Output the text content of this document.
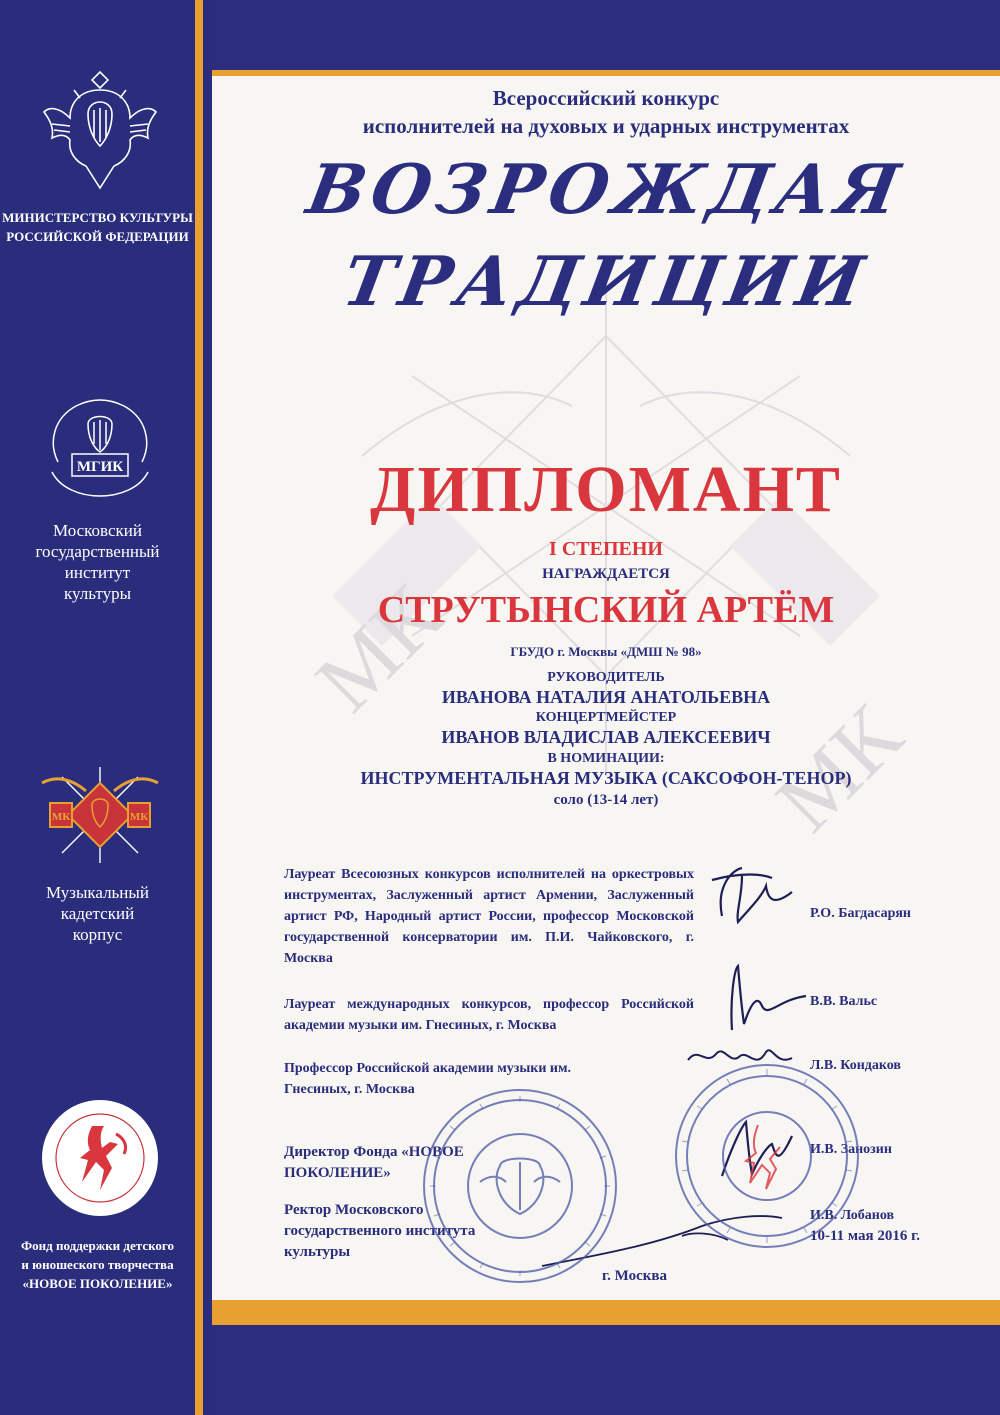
МИНИСТЕРСТВО КУЛЬТУРЫ
РОССИЙСКОЙ ФЕДЕРАЦИИ
МГИК
Московский
государственный
институт
культуры
МК	МК
Музыкальный
кадетский
корпус
Фонд поддержки детского
и юношеского творчества
«НОВОЕ ПОКОЛЕНИЕ»
МК
МК
Всероссийский конкурс
исполнителей на духовых и ударных инструментах
ВОЗРОЖДАЯ
ТРАДИЦИИ
ДИПЛОМАНТ
I СТЕПЕНИ
НАГРАЖДАЕТСЯ
СТРУТЫНСКИЙ АРТЁМ
ГБУДО г. Москвы «ДМШ № 98»
РУКОВОДИТЕЛЬ
ИВАНОВА НАТАЛИЯ АНАТОЛЬЕВНА
КОНЦЕРТМЕЙСТЕР
ИВАНОВ ВЛАДИСЛАВ АЛЕКСЕЕВИЧ
В НОМИНАЦИИ:
ИНСТРУМЕНТАЛЬНАЯ МУЗЫКА (САКСОФОН-ТЕНОР)
соло (13-14 лет)
Лауреат Всесоюзных конкурсов исполнителей на оркестровых инструментах, Заслуженный артист Армении, Заслуженный артист РФ, Народный артист России, профессор Московской государственной консерватории им. П.И. Чайковского, г. Москва
Р.О. Багдасарян
Лауреат международных конкурсов, профессор Российской академии музыки им. Гнесиных, г. Москва
В.В. Вальс
Профессор Российской академии музыки им. Гнесиных, г. Москва
Л.В. Кондаков
Директор Фонда «НОВОЕ ПОКОЛЕНИЕ»
И.В. Занозин
Ректор Московского государственного института культуры
И.В. Лобанов
10-11 мая 2016 г.
г. Москва
